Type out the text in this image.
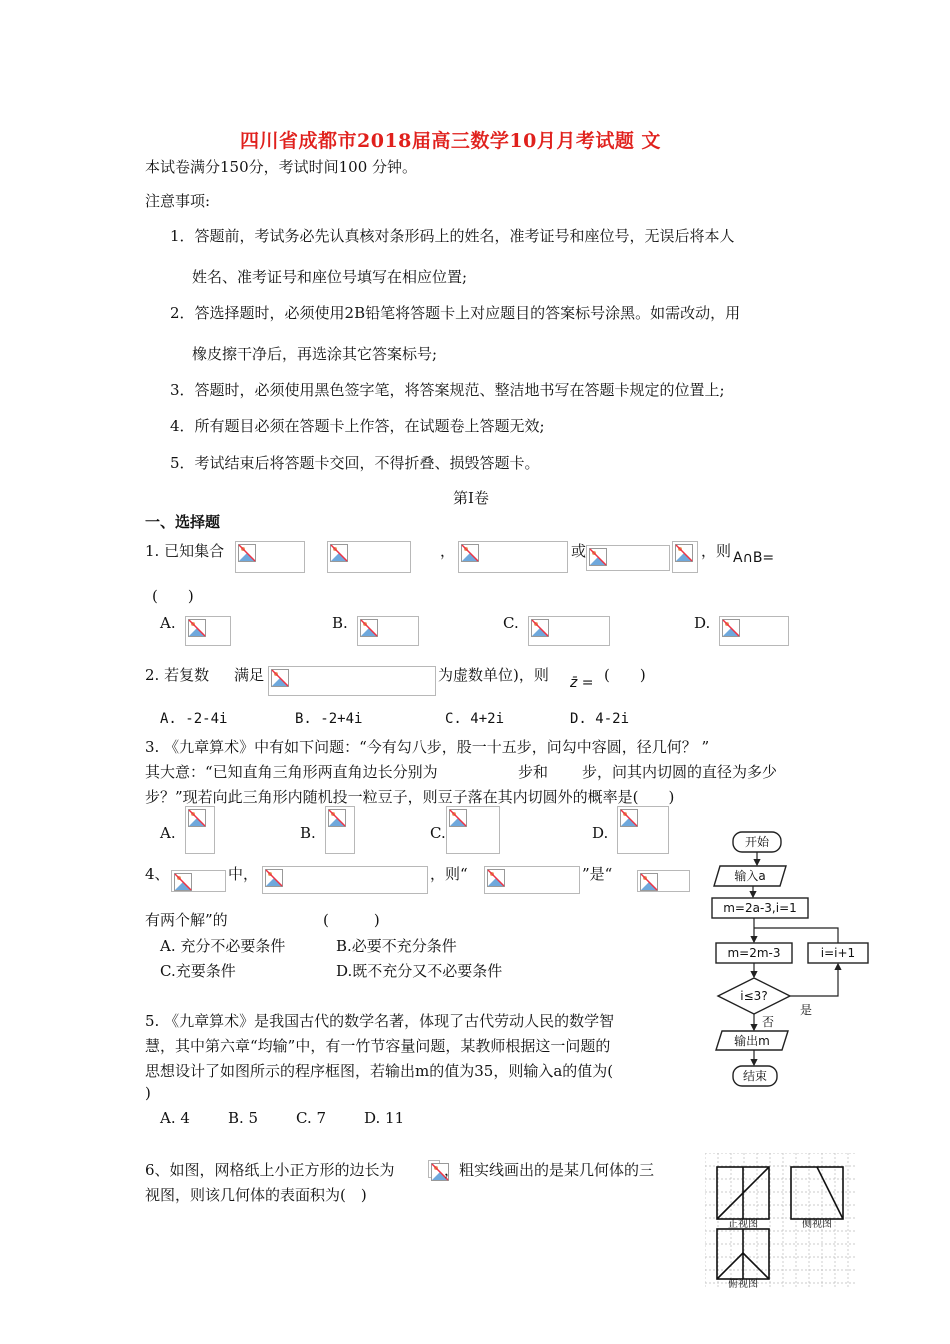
四川省成都市2018届高三数学10月月考试题 文
本试卷满分150分，考试时间100 分钟。
注意事项:
1．答题前，考试务必先认真核对条形码上的姓名，准考证号和座位号，无误后将本人
姓名、准考证号和座位号填写在相应位置;
2．答选择题时，必须使用2B铅笔将答题卡上对应题目的答案标号涂黑。如需改动，用
橡皮擦干净后，再选涂其它答案标号;
3．答题时，必须使用黑色签字笔，将答案规范、整洁地书写在答题卡规定的位置上;
4．所有题目必须在答题卡上作答，在试题卷上答题无效;
5．考试结束后将答题卡交回，不得折叠、损毁答题卡。
第Ⅰ卷
一、选择题
1. 已知集合	，	或	，则 A∩B=
(　　)
A.	B.	C.	D.
2. 若复数 满足	为虚数单位)，则 z̄ = (　　)
A. -2-4i	B. -2+4i	C. 4+2i	D. 4-2i
3. 《九章算术》中有如下问题：“今有勾八步，股一十五步，问勾中容圆，径几何？ ”
其大意：“已知直角三角形两直角边长分别为	步和 步，问其内切圆的直径为多少
步？”现若向此三角形内随机投一粒豆子，则豆子落在其内切圆外的概率是(　　)
A.	B.	C.	D.
4、	中，	，则“	”是“
有两个解”的	(　　　)
A. 充分不必要条件	B.必要不充分条件
C.充要条件	D.既不充分又不必要条件
5. 《九章算术》是我国古代的数学名著，体现了古代劳动人民的数学智
慧，其中第六章“均输”中，有一竹节容量问题，某教师根据这一问题的
思想设计了如图所示的程序框图，若输出m的值为35，则输入a的值为(
)
A. 4	B. 5	C. 7	D. 11
开始
输入a
m=2a-3,i=1
m=2m-3	i=i+1
i≤3?
否
是
输出m
结束
6、如图，网格纸上小正方形的边长为	，粗实线画出的是某几何体的三
视图，则该几何体的表面积为(　)
正视图	侧视图
俯视图
